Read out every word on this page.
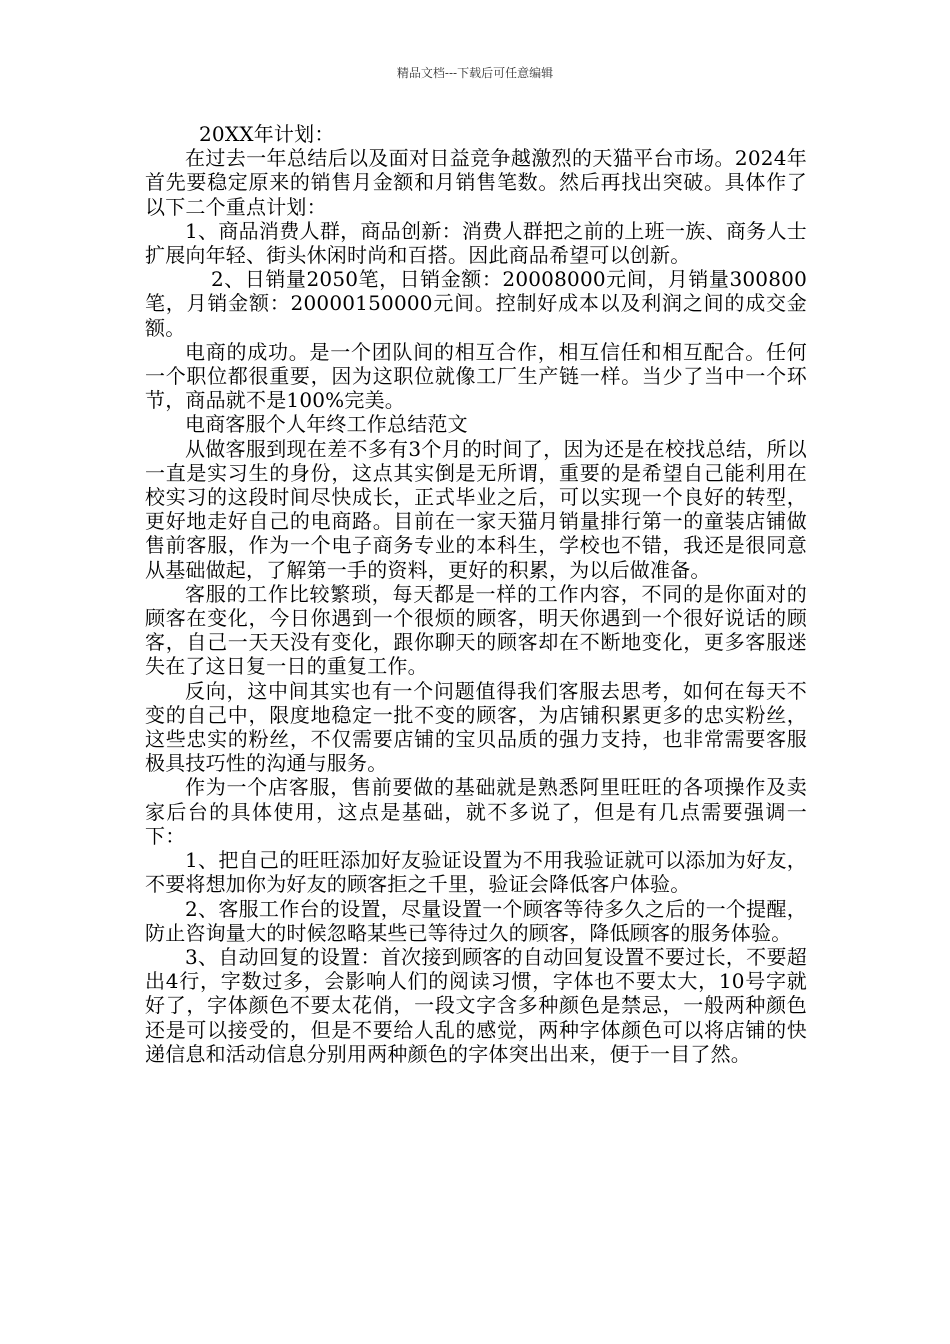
精品文档---下载后可任意编辑

20XX年计划：

在过去一年总结后以及面对日益竞争越激烈的天猫平台市场。2024年首先要稳定原来的销售月金额和月销售笔数。然后再找出突破。具体作了以下二个重点计划：

1、商品消费人群，商品创新：消费人群把之前的上班一族、商务人士扩展向年轻、街头休闲时尚和百搭。因此商品希望可以创新。

2、日销量2050笔，日销金额：20008000元间，月销量300800笔，月销金额：20000150000元间。控制好成本以及利润之间的成交金额。

电商的成功。是一个团队间的相互合作，相互信任和相互配合。任何一个职位都很重要，因为这职位就像工厂生产链一样。当少了当中一个环节，商品就不是100%完美。

电商客服个人年终工作总结范文

从做客服到现在差不多有3个月的时间了，因为还是在校找总结，所以一直是实习生的身份，这点其实倒是无所谓，重要的是希望自己能利用在校实习的这段时间尽快成长，正式毕业之后，可以实现一个良好的转型，更好地走好自己的电商路。目前在一家天猫月销量排行第一的童装店铺做售前客服，作为一个电子商务专业的本科生，学校也不错，我还是很同意从基础做起，了解第一手的资料，更好的积累，为以后做准备。

客服的工作比较繁琐，每天都是一样的工作内容，不同的是你面对的顾客在变化，今日你遇到一个很烦的顾客，明天你遇到一个很好说话的顾客，自己一天天没有变化，跟你聊天的顾客却在不断地变化，更多客服迷失在了这日复一日的重复工作。

反向，这中间其实也有一个问题值得我们客服去思考，如何在每天不变的自己中，限度地稳定一批不变的顾客，为店铺积累更多的忠实粉丝，这些忠实的粉丝，不仅需要店铺的宝贝品质的强力支持，也非常需要客服极具技巧性的沟通与服务。

作为一个店客服，售前要做的基础就是熟悉阿里旺旺的各项操作及卖家后台的具体使用，这点是基础，就不多说了，但是有几点需要强调一下：

1、把自己的旺旺添加好友验证设置为不用我验证就可以添加为好友，不要将想加你为好友的顾客拒之千里，验证会降低客户体验。

2、客服工作台的设置，尽量设置一个顾客等待多久之后的一个提醒，防止咨询量大的时候忽略某些已等待过久的顾客，降低顾客的服务体验。

3、自动回复的设置：首次接到顾客的自动回复设置不要过长，不要超出4行，字数过多，会影响人们的阅读习惯，字体也不要太大，10号字就好了，字体颜色不要太花俏，一段文字含多种颜色是禁忌，一般两种颜色还是可以接受的，但是不要给人乱的感觉，两种字体颜色可以将店铺的快递信息和活动信息分别用两种颜色的字体突出出来，便于一目了然。
